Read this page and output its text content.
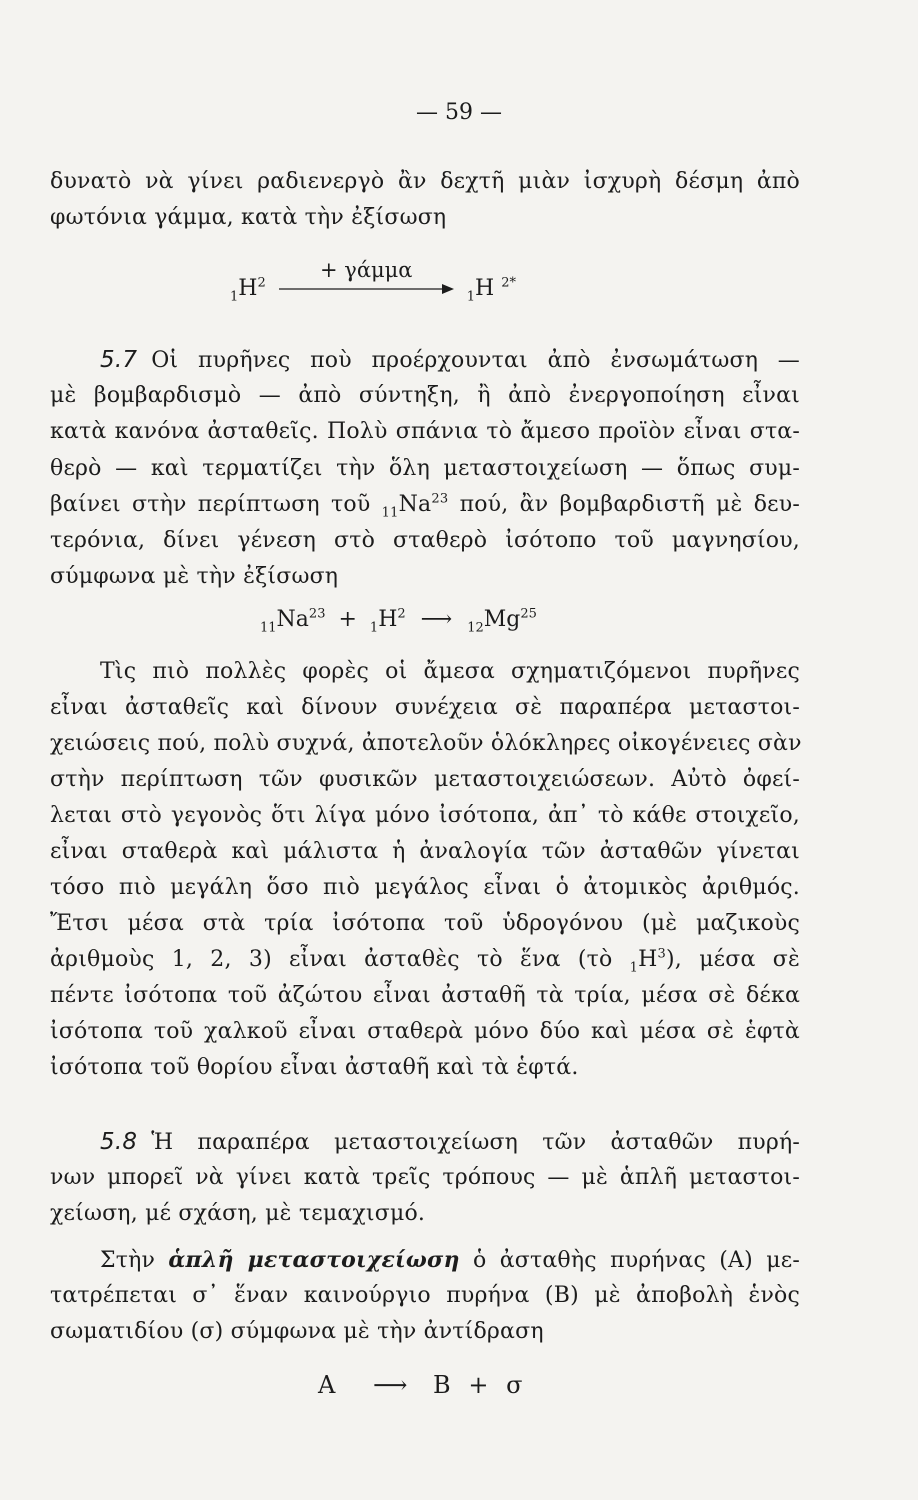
— 59 —
δυνατὸ νὰ γίνει ραδιενεργὸ ἂν δεχτῆ μιὰν ἰσχυρὴ δέσμη ἀπὸ
φωτόνια γάμμα, κατὰ τὴν ἐξίσωση
$_1H^2$
+ γάμμα
$_1$H $^{2*}$
5.7 Οἱ πυρῆνες ποὺ προέρχουνται ἀπὸ ἐνσωμάτωση —
μὲ βομβαρδισμὸ — ἀπὸ σύντηξη, ἢ ἀπὸ ἐνεργοποίηση εἶναι
κατὰ κανόνα ἀσταθεῖς. Πολὺ σπάνια τὸ ἄμεσο προϊὸν εἶναι στα-
θερὸ — καὶ τερματίζει τὴν ὅλη μεταστοιχείωση — ὅπως συμ-
βαίνει στὴν περίπτωση τοῦ $_{11}Na^{23}$ πού, ἂν βομβαρδιστῆ μὲ δευ-
τερόνια, δίνει γένεση στὸ σταθερὸ ἰσότοπο τοῦ μαγνησίου,
σύμφωνα μὲ τὴν ἐξίσωση
$_{11}Na^{23} + _1H^2$ ⟶ $_{12}Mg^{25}$
Τὶς πιὸ πολλὲς φορὲς οἱ ἄμεσα σχηματιζόμενοι πυρῆνες
εἶναι ἀσταθεῖς καὶ δίνουν συνέχεια σὲ παραπέρα μεταστοι-
χειώσεις πού, πολὺ συχνά, ἀποτελοῦν ὁλόκληρες οἰκογένειες σὰν
στὴν περίπτωση τῶν φυσικῶν μεταστοιχειώσεων. Αὐτὸ ὀφεί-
λεται στὸ γεγονὸς ὅτι λίγα μόνο ἰσότοπα, ἀπ᾽ τὸ κάθε στοιχεῖο,
εἶναι σταθερὰ καὶ μάλιστα ἡ ἀναλογία τῶν ἀσταθῶν γίνεται
τόσο πιὸ μεγάλη ὅσο πιὸ μεγάλος εἶναι ὁ ἀτομικὸς ἀριθμός.
Ἔτσι μέσα στὰ τρία ἰσότοπα τοῦ ὑδρογόνου (μὲ μαζικοὺς
ἀριθμοὺς 1, 2, 3) εἶναι ἀσταθὲς τὸ ἕνα (τὸ $_1H^3$), μέσα σὲ
πέντε ἰσότοπα τοῦ ἀζώτου εἶναι ἀσταθῆ τὰ τρία, μέσα σὲ δέκα
ἰσότοπα τοῦ χαλκοῦ εἶναι σταθερὰ μόνο δύο καὶ μέσα σὲ ἑφτὰ
ἰσότοπα τοῦ θορίου εἶναι ἀσταθῆ καὶ τὰ ἑφτά.
5.8 Ἡ παραπέρα μεταστοιχείωση τῶν ἀσταθῶν πυρή-
νων μπορεῖ νὰ γίνει κατὰ τρεῖς τρόπους — μὲ ἁπλῆ μεταστοι-
χείωση, μέ σχάση, μὲ τεμαχισμό.
Στὴν ἁπλῆ μεταστοιχείωση ὁ ἀσταθὴς πυρήνας (Α) με-
τατρέπεται σ᾽ ἕναν καινούργιο πυρήνα (Β) μὲ ἀποβολὴ ἑνὸς
σωματιδίου (σ) σύμφωνα μὲ τὴν ἀντίδραση
Α ⟶ Β + σ
